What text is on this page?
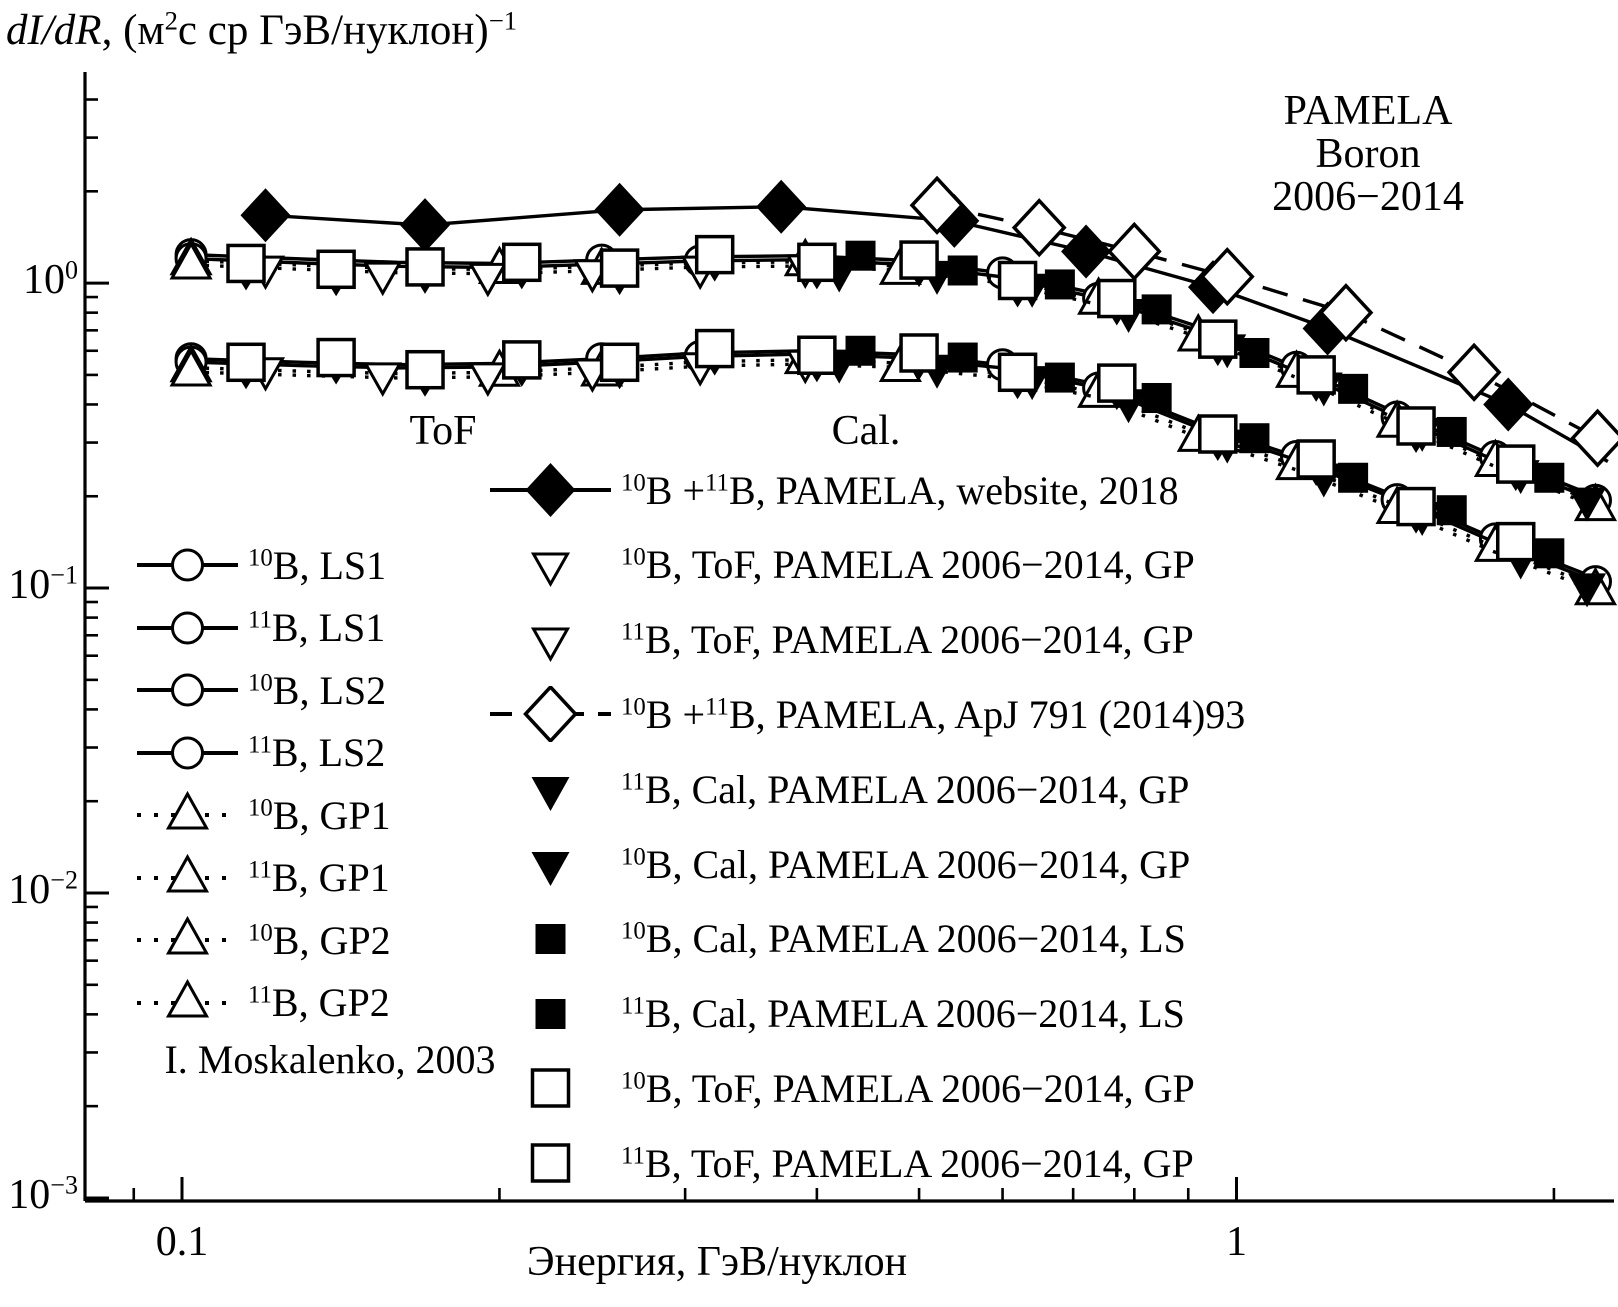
dI/dR, ($м^2с$ ср ГэВ/нуклон)$^{-1}$
Энергия, ГэВ/нуклон
PAMELA
Boron
2006−2014
ToF	Cal.
$^{10}$B, LS1
$^{11}$B, LS1
$^{10}$B, LS2
$^{11}$B, LS2
$^{10}$B, GP1
$^{11}$B, GP1
$^{10}$B, GP2
$^{11}$B, GP2
$^{10}$B +$^{11}$B, PAMELA, website, 2018
$^{10}$B, ToF, PAMELA 2006−2014, GP
$^{11}$B, ToF, PAMELA 2006−2014, GP
$^{10}$B +$^{11}$B, PAMELA, ApJ 791 (2014)93
$^{11}$B, Cal, PAMELA 2006−2014, GP
$^{10}$B, Cal, PAMELA 2006−2014, GP
$^{10}$B, Cal, PAMELA 2006−2014, LS
$^{11}$B, Cal, PAMELA 2006−2014, LS
$^{10}$B, ToF, PAMELA 2006−2014, GP
$^{11}$B, ToF, PAMELA 2006−2014, GP
I. Moskalenko, 2003
0.1	1
$10^0$
$10^{-1}$
$10^{-2}$
$10^{-3}$
